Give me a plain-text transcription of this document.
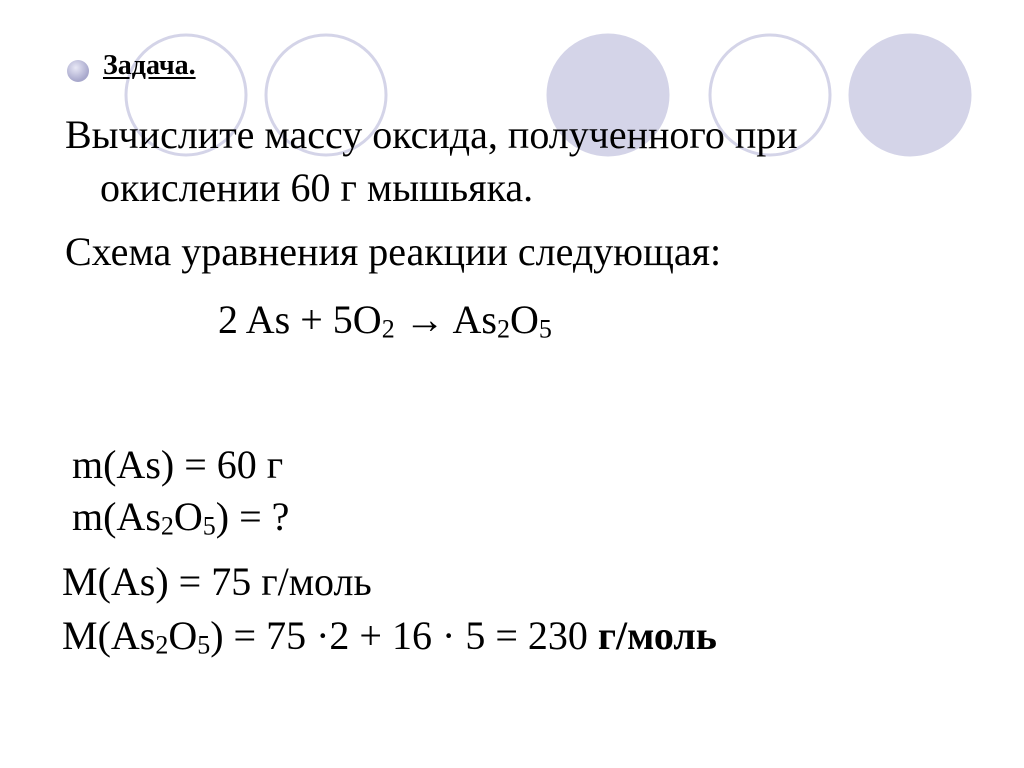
Задача.
Вычислите массу оксида, полученного при
окислении 60 г мышьяка.
Схема уравнения реакции следующая:
2 As + 5O2 → As2O5
m(As) = 60 г
m(As2O5) = ?
M(As) = 75 г/моль
M(As2O5) = 75 ·2 + 16 · 5 = 230 г/моль
